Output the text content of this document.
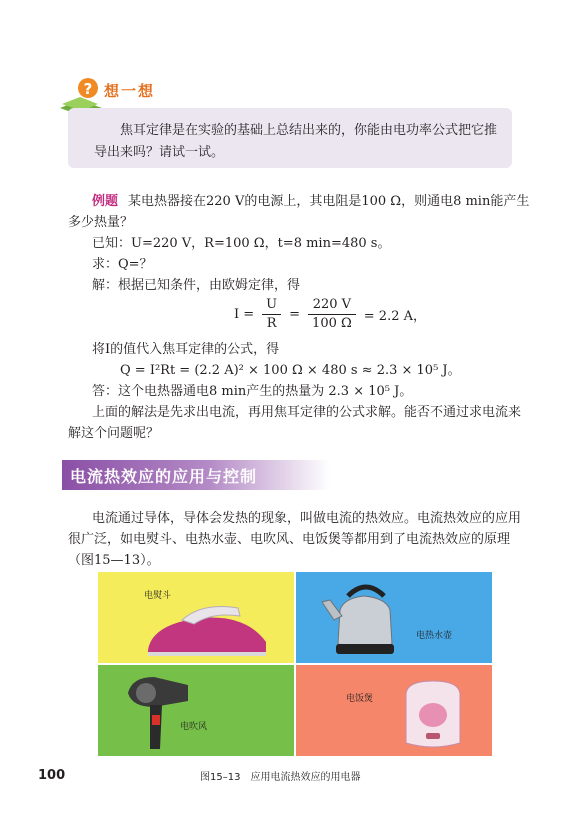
? 想一想
焦耳定律是在实验的基础上总结出来的，你能由电功率公式把它推导出来吗？请试一试。
例题 某电热器接在220 V的电源上，其电阻是100 Ω，则通电8 min能产生多少热量？
已知：U=220 V，R=100 Ω，t=8 min=480 s。
求：Q=？
解：根据已知条件，由欧姆定律，得
$I = \frac{U}{R} = \frac{220 V}{100 \Omega} = 2.2$ A，
将I的值代入焦耳定律的公式，得
Q = I²Rt = (2.2 A)² × 100 Ω × 480 s ≈ 2.3 × 10⁵ J。
答：这个电热器通电8 min产生的热量为 2.3 × 10⁵ J。
上面的解法是先求出电流，再用焦耳定律的公式求解。能否不通过求电流来解这个问题呢？
电流热效应的应用与控制
电流通过导体，导体会发热的现象，叫做电流的热效应。电流热效应的应用很广泛，如电熨斗、电热水壶、电吹风、电饭煲等都用到了电流热效应的原理（图15—13）。
电熨斗
电热水壶
电吹风
电饭煲
100	图15–13　应用电流热效应的用电器
